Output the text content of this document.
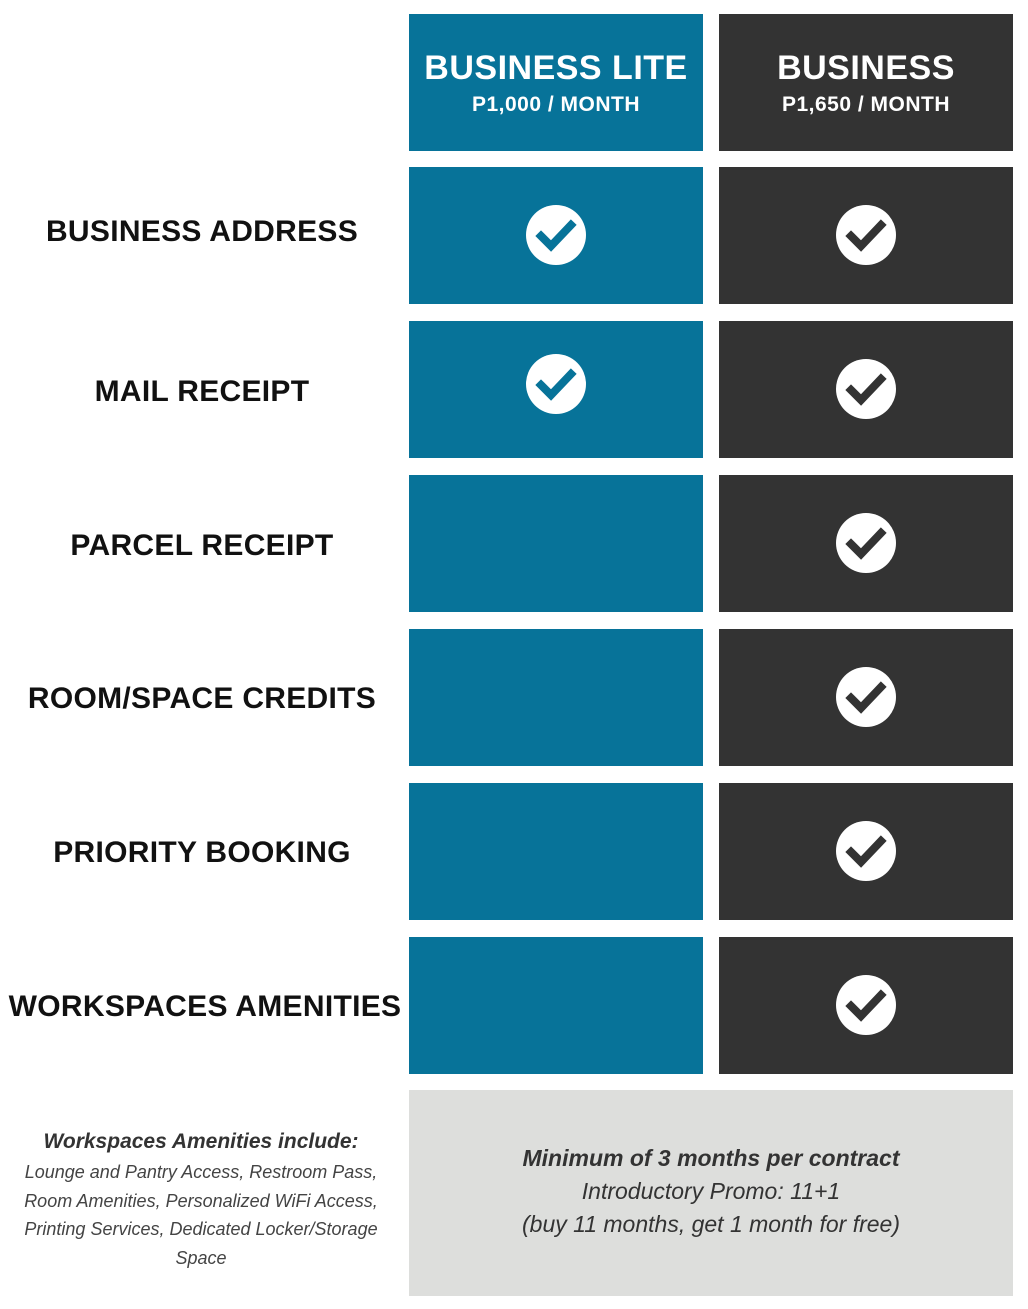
BUSINESS LITE
P1,000 / MONTH
BUSINESS
P1,650 / MONTH
BUSINESS ADDRESS
MAIL RECEIPT
PARCEL RECEIPT
ROOM/SPACE CREDITS
PRIORITY BOOKING
WORKSPACES AMENITIES
Workspaces Amenities include:
Lounge and Pantry Access, Restroom Pass, Room Amenities, Personalized WiFi Access, Printing Services, Dedicated Locker/Storage Space
Minimum of 3 months per contract
Introductory Promo: 11+1
(buy 11 months, get 1 month for free)
